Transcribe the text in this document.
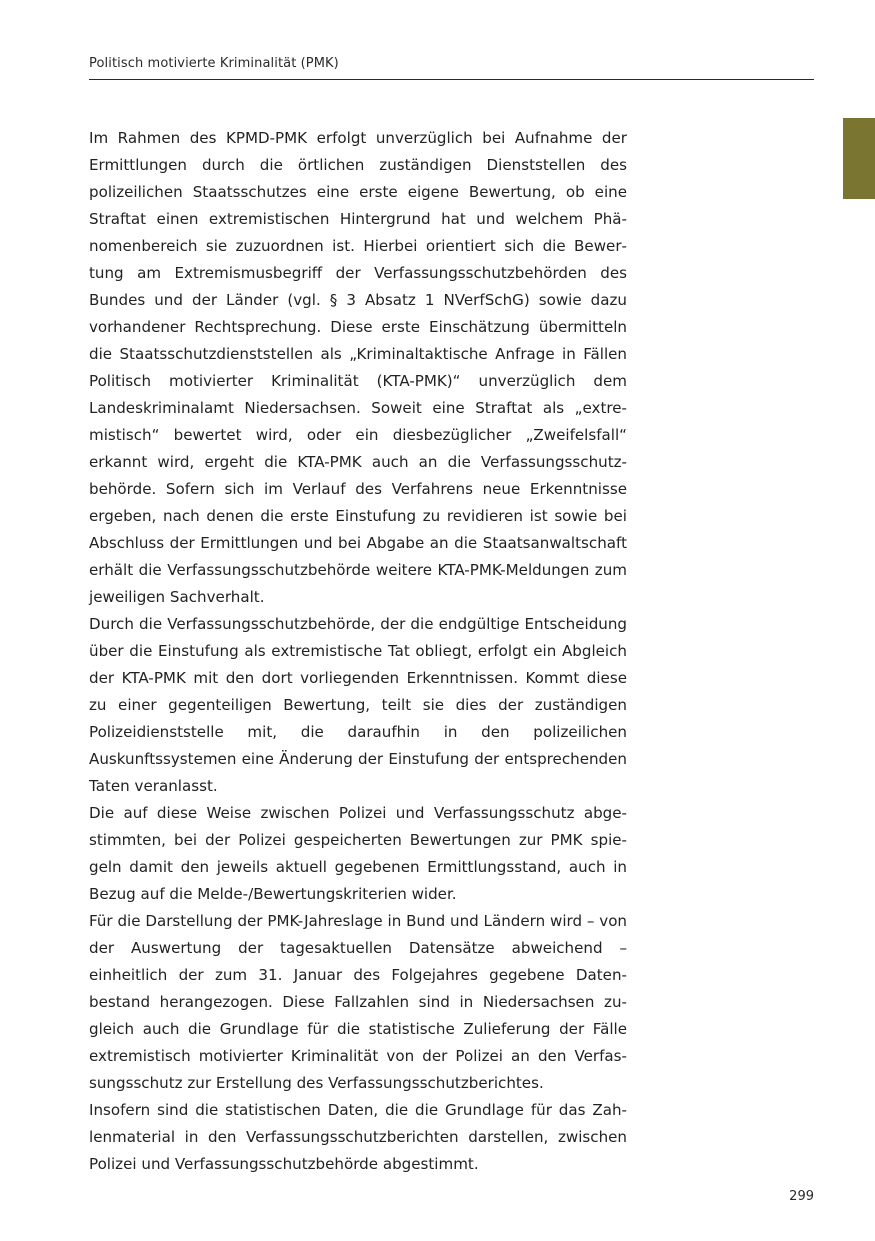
Politisch motivierte Kriminalität (PMK)

Im Rahmen des KPMD-PMK erfolgt unverzüglich bei Aufnahme der Ermittlungen durch die örtlichen zuständigen Dienststellen des polizeilichen Staatsschutzes eine erste eigene Bewertung, ob eine Straftat einen extremistischen Hintergrund hat und welchem Phänomenbereich sie zuzuordnen ist. Hierbei orientiert sich die Bewertung am Extremismusbegriff der Verfassungsschutzbehörden des Bundes und der Länder (vgl. § 3 Absatz 1 NVerfSchG) sowie dazu vorhandener Rechtsprechung. Diese erste Einschätzung übermitteln die Staatsschutzdienststellen als „Kriminaltaktische Anfrage in Fällen Politisch motivierter Kriminalität (KTA-PMK)“ unverzüglich dem Landeskriminalamt Niedersachsen. Soweit eine Straftat als „extremistisch“ bewertet wird, oder ein diesbezüglicher „Zweifelsfall“ erkannt wird, ergeht die KTA-PMK auch an die Verfassungsschutzbehörde. Sofern sich im Verlauf des Verfahrens neue Erkenntnisse ergeben, nach denen die erste Einstufung zu revidieren ist sowie bei Abschluss der Ermittlungen und bei Abgabe an die Staatsanwaltschaft erhält die Verfassungsschutzbehörde weitere KTA-PMK-Meldungen zum jeweiligen Sachverhalt.

Durch die Verfassungsschutzbehörde, der die endgültige Entscheidung über die Einstufung als extremistische Tat obliegt, erfolgt ein Abgleich der KTA-PMK mit den dort vorliegenden Erkenntnissen. Kommt diese zu einer gegenteiligen Bewertung, teilt sie dies der zuständigen Polizeidienststelle mit, die daraufhin in den polizeilichen Auskunftssystemen eine Änderung der Einstufung der entsprechenden Taten veranlasst.

Die auf diese Weise zwischen Polizei und Verfassungsschutz abgestimmten, bei der Polizei gespeicherten Bewertungen zur PMK spiegeln damit den jeweils aktuell gegebenen Ermittlungsstand, auch in Bezug auf die Melde-/Bewertungskriterien wider.

Für die Darstellung der PMK-Jahreslage in Bund und Ländern wird – von der Auswertung der tagesaktuellen Datensätze abweichend – einheitlich der zum 31. Januar des Folgejahres gegebene Datenbestand herangezogen. Diese Fallzahlen sind in Niedersachsen zugleich auch die Grundlage für die statistische Zulieferung der Fälle extremistisch motivierter Kriminalität von der Polizei an den Verfassungsschutz zur Erstellung des Verfassungsschutzberichtes.

Insofern sind die statistischen Daten, die die Grundlage für das Zahlenmaterial in den Verfassungsschutzberichten darstellen, zwischen Polizei und Verfassungsschutzbehörde abgestimmt.

299
